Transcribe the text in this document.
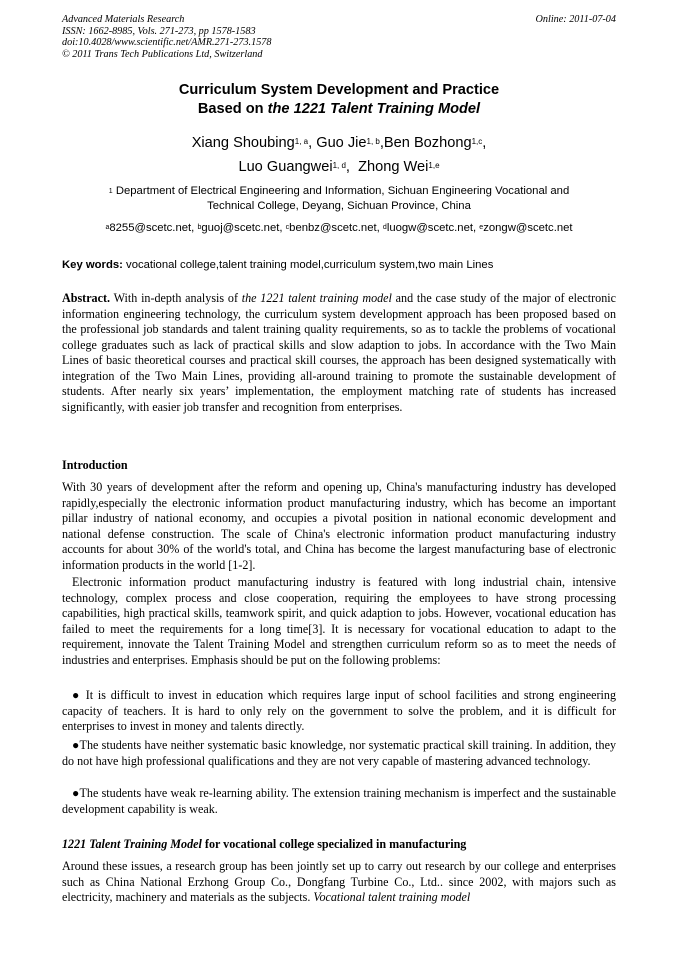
Advanced Materials Research
ISSN: 1662-8985, Vols. 271-273, pp 1578-1583
doi:10.4028/www.scientific.net/AMR.271-273.1578
© 2011 Trans Tech Publications Ltd, Switzerland
Online: 2011-07-04
Curriculum System Development and Practice
Based on the 1221 Talent Training Model
Xiang Shoubing$^{1, a}$, Guo Jie$^{1, b}$,Ben Bozhong$^{1,c}$,
Luo Guangwei$^{1, d}$,  Zhong Wei$^{1,e}$
$^1$ Department of Electrical Engineering and Information, Sichuan Engineering Vocational and
Technical College, Deyang, Sichuan Province, China
$^a$8255@scetc.net, $^b$guoj@scetc.net, $^c$benbz@scetc.net, $^d$luogw@scetc.net, $^e$zongw@scetc.net
Key words: vocational college,talent training model,curriculum system,two main Lines
Abstract. With in-depth analysis of the 1221 talent training model and the case study of the major of electronic information engineering technology, the curriculum system development approach has been proposed based on the professional job standards and talent training quality requirements, so as to tackle the problems of vocational college graduates such as lack of practical skills and slow adaption to jobs. In accordance with the Two Main Lines of basic theoretical courses and practical skill courses, the approach has been designed systematically with integration of the Two Main Lines, providing all-around training to promote the sustainable development of students. After nearly six years’ implementation, the employment matching rate of students has increased significantly, with easier job transfer and recognition from enterprises.
Introduction
With 30 years of development after the reform and opening up, China's manufacturing industry has developed rapidly,especially the electronic information product manufacturing industry, which has become an important pillar industry of national economy, and occupies a pivotal position in national economic development and national defense construction. The scale of China's electronic information product manufacturing industry accounts for about 30% of the world's total, and China has become the largest manufacturing base of electronic information products in the world [1-2].
Electronic information product manufacturing industry is featured with long industrial chain, intensive technology, complex process and close cooperation, requiring the employees to have strong processing capabilities, high practical skills, teamwork spirit, and quick adaption to jobs. However, vocational education has failed to meet the requirements for a long time[3]. It is necessary for vocational education to adapt to the requirement, innovate the Talent Training Model and strengthen curriculum reform so as to meet the needs of industries and enterprises. Emphasis should be put on the following problems:
● It is difficult to invest in education which requires large input of school facilities and strong engineering capacity of teachers. It is hard to only rely on the government to solve the problem, and it is difficult for enterprises to invest in money and talents directly.
●The students have neither systematic basic knowledge, nor systematic practical skill training. In addition, they do not have high professional qualifications and they are not very capable of mastering advanced technology.
●The students have weak re-learning ability. The extension training mechanism is imperfect and the sustainable development capability is weak.
1221 Talent Training Model for vocational college specialized in manufacturing
Around these issues, a research group has been jointly set up to carry out research by our college and enterprises such as China National Erzhong Group Co., Dongfang Turbine Co., Ltd.. since 2002, with majors such as electricity, machinery and materials as the subjects. Vocational talent training model
